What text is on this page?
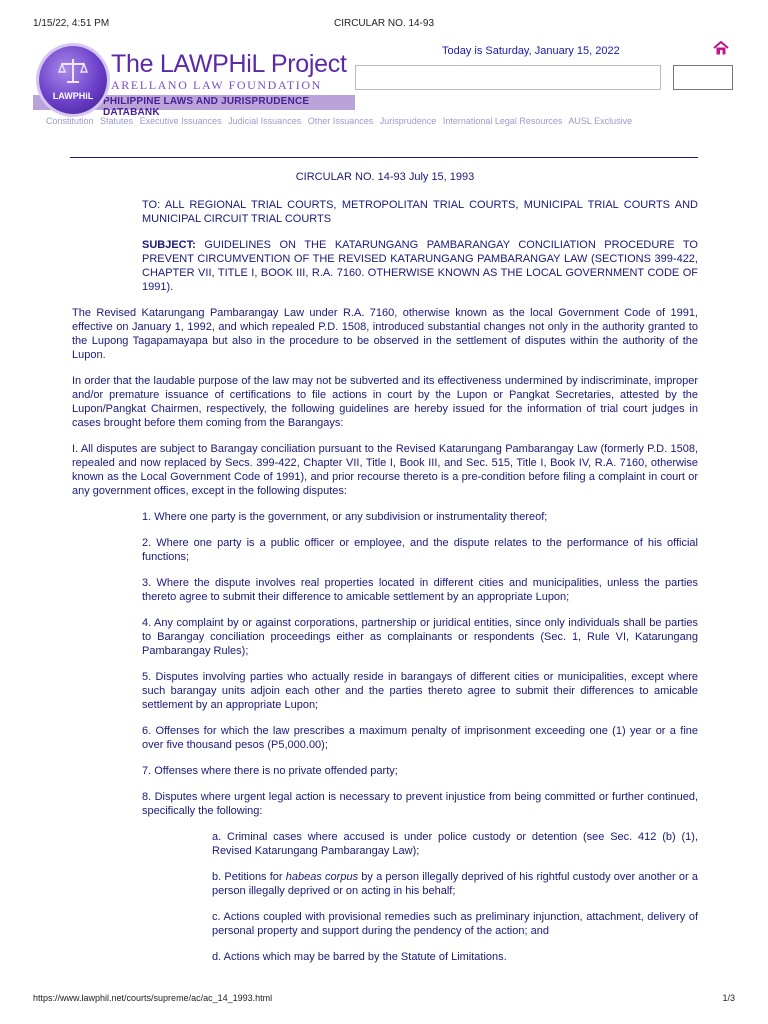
1/15/22, 4:51 PM	CIRCULAR NO. 14-93
PHILIPPINE LAWS AND JURISPRUDENCE DATABANK
LAWPHiL
The LAWPHiL Project
ARELLANO LAW FOUNDATION
Today is Saturday, January 15, 2022
Constitution Statutes Executive Issuances Judicial Issuances Other Issuances Jurisprudence International Legal Resources AUSL Exclusive

CIRCULAR NO. 14-93 July 15, 1993

TO: ALL REGIONAL TRIAL COURTS, METROPOLITAN TRIAL COURTS, MUNICIPAL TRIAL COURTS AND MUNICIPAL CIRCUIT TRIAL COURTS

SUBJECT: GUIDELINES ON THE KATARUNGANG PAMBARANGAY CONCILIATION PROCEDURE TO PREVENT CIRCUMVENTION OF THE REVISED KATARUNGANG PAMBARANGAY LAW (SECTIONS 399-422, CHAPTER VII, TITLE I, BOOK III, R.A. 7160. OTHERWISE KNOWN AS THE LOCAL GOVERNMENT CODE OF 1991).

The Revised Katarungang Pambarangay Law under R.A. 7160, otherwise known as the local Government Code of 1991, effective on January 1, 1992, and which repealed P.D. 1508, introduced substantial changes not only in the authority granted to the Lupong Tagapamayapa but also in the procedure to be observed in the settlement of disputes within the authority of the Lupon.

In order that the laudable purpose of the law may not be subverted and its effectiveness undermined by indiscriminate, improper and/or premature issuance of certifications to file actions in court by the Lupon or Pangkat Secretaries, attested by the Lupon/Pangkat Chairmen, respectively, the following guidelines are hereby issued for the information of trial court judges in cases brought before them coming from the Barangays:

I. All disputes are subject to Barangay conciliation pursuant to the Revised Katarungang Pambarangay Law (formerly P.D. 1508, repealed and now replaced by Secs. 399-422, Chapter VII, Title I, Book III, and Sec. 515, Title I, Book IV, R.A. 7160, otherwise known as the Local Government Code of 1991), and prior recourse thereto is a pre-condition before filing a complaint in court or any government offices, except in the following disputes:

1. Where one party is the government, or any subdivision or instrumentality thereof;

2. Where one party is a public officer or employee, and the dispute relates to the performance of his official functions;

3. Where the dispute involves real properties located in different cities and municipalities, unless the parties thereto agree to submit their difference to amicable settlement by an appropriate Lupon;

4. Any complaint by or against corporations, partnership or juridical entities, since only individuals shall be parties to Barangay conciliation proceedings either as complainants or respondents (Sec. 1, Rule VI, Katarungang Pambarangay Rules);

5. Disputes involving parties who actually reside in barangays of different cities or municipalities, except where such barangay units adjoin each other and the parties thereto agree to submit their differences to amicable settlement by an appropriate Lupon;

6. Offenses for which the law prescribes a maximum penalty of imprisonment exceeding one (1) year or a fine over five thousand pesos (P5,000.00);

7. Offenses where there is no private offended party;

8. Disputes where urgent legal action is necessary to prevent injustice from being committed or further continued, specifically the following:

a. Criminal cases where accused is under police custody or detention (see Sec. 412 (b) (1), Revised Katarungang Pambarangay Law);

b. Petitions for habeas corpus by a person illegally deprived of his rightful custody over another or a person illegally deprived or on acting in his behalf;

c. Actions coupled with provisional remedies such as preliminary injunction, attachment, delivery of personal property and support during the pendency of the action; and

d. Actions which may be barred by the Statute of Limitations.

https://www.lawphil.net/courts/supreme/ac/ac_14_1993.html	1/3
